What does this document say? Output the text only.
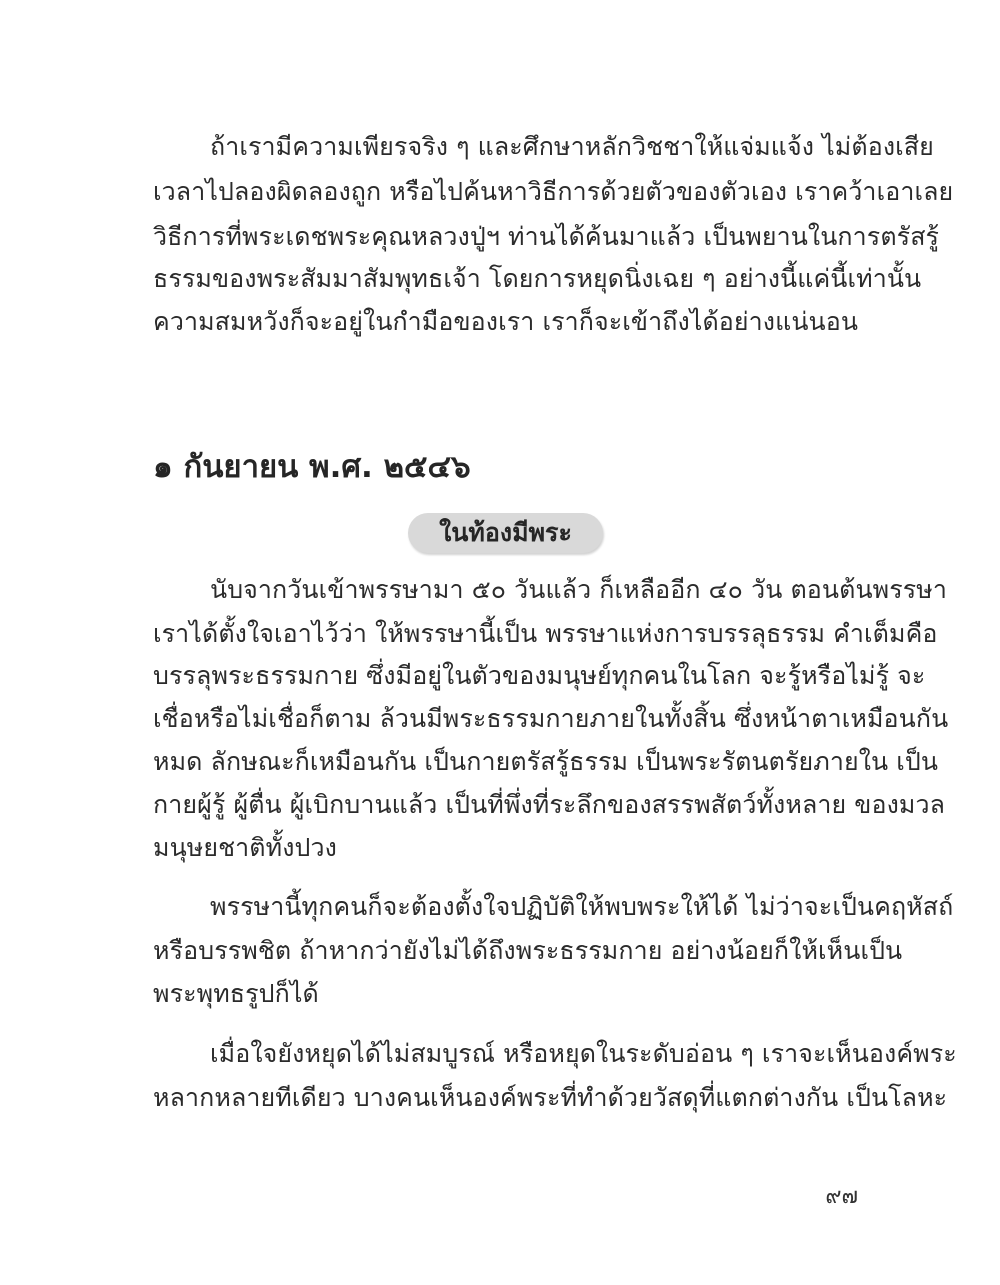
ถ้าเรามีความเพียรจริง ๆ และศึกษาหลักวิชชาให้แจ่มแจ้ง ไม่ต้องเสีย
เวลาไปลองผิดลองถูก หรือไปค้นหาวิธีการด้วยตัวของตัวเอง เราคว้าเอาเลย
วิธีการที่พระเดชพระคุณหลวงปู่ฯ ท่านได้ค้นมาแล้ว เป็นพยานในการตรัสรู้
ธรรมของพระสัมมาสัมพุทธเจ้า โดยการหยุดนิ่งเฉย ๆ อย่างนี้แค่นี้เท่านั้น
ความสมหวังก็จะอยู่ในกำมือของเรา เราก็จะเข้าถึงได้อย่างแน่นอน
๑ กันยายน พ.ศ. ๒๕๔๖
ในท้องมีพระ
นับจากวันเข้าพรรษามา ๕๐ วันแล้ว ก็เหลืออีก ๔๐ วัน ตอนต้นพรรษา
เราได้ตั้งใจเอาไว้ว่า ให้พรรษานี้เป็น พรรษาแห่งการบรรลุธรรม คำเต็มคือ
บรรลุพระธรรมกาย ซึ่งมีอยู่ในตัวของมนุษย์ทุกคนในโลก จะรู้หรือไม่รู้ จะ
เชื่อหรือไม่เชื่อก็ตาม ล้วนมีพระธรรมกายภายในทั้งสิ้น ซึ่งหน้าตาเหมือนกัน
หมด ลักษณะก็เหมือนกัน เป็นกายตรัสรู้ธรรม เป็นพระรัตนตรัยภายใน เป็น
กายผู้รู้ ผู้ตื่น ผู้เบิกบานแล้ว เป็นที่พึ่งที่ระลึกของสรรพสัตว์ทั้งหลาย ของมวล
มนุษยชาติทั้งปวง
พรรษานี้ทุกคนก็จะต้องตั้งใจปฏิบัติให้พบพระให้ได้ ไม่ว่าจะเป็นคฤหัสถ์
หรือบรรพชิต ถ้าหากว่ายังไม่ได้ถึงพระธรรมกาย อย่างน้อยก็ให้เห็นเป็น
พระพุทธรูปก็ได้
เมื่อใจยังหยุดได้ไม่สมบูรณ์ หรือหยุดในระดับอ่อน ๆ เราจะเห็นองค์พระ
หลากหลายทีเดียว บางคนเห็นองค์พระที่ทำด้วยวัสดุที่แตกต่างกัน เป็นโลหะ
๙๗
